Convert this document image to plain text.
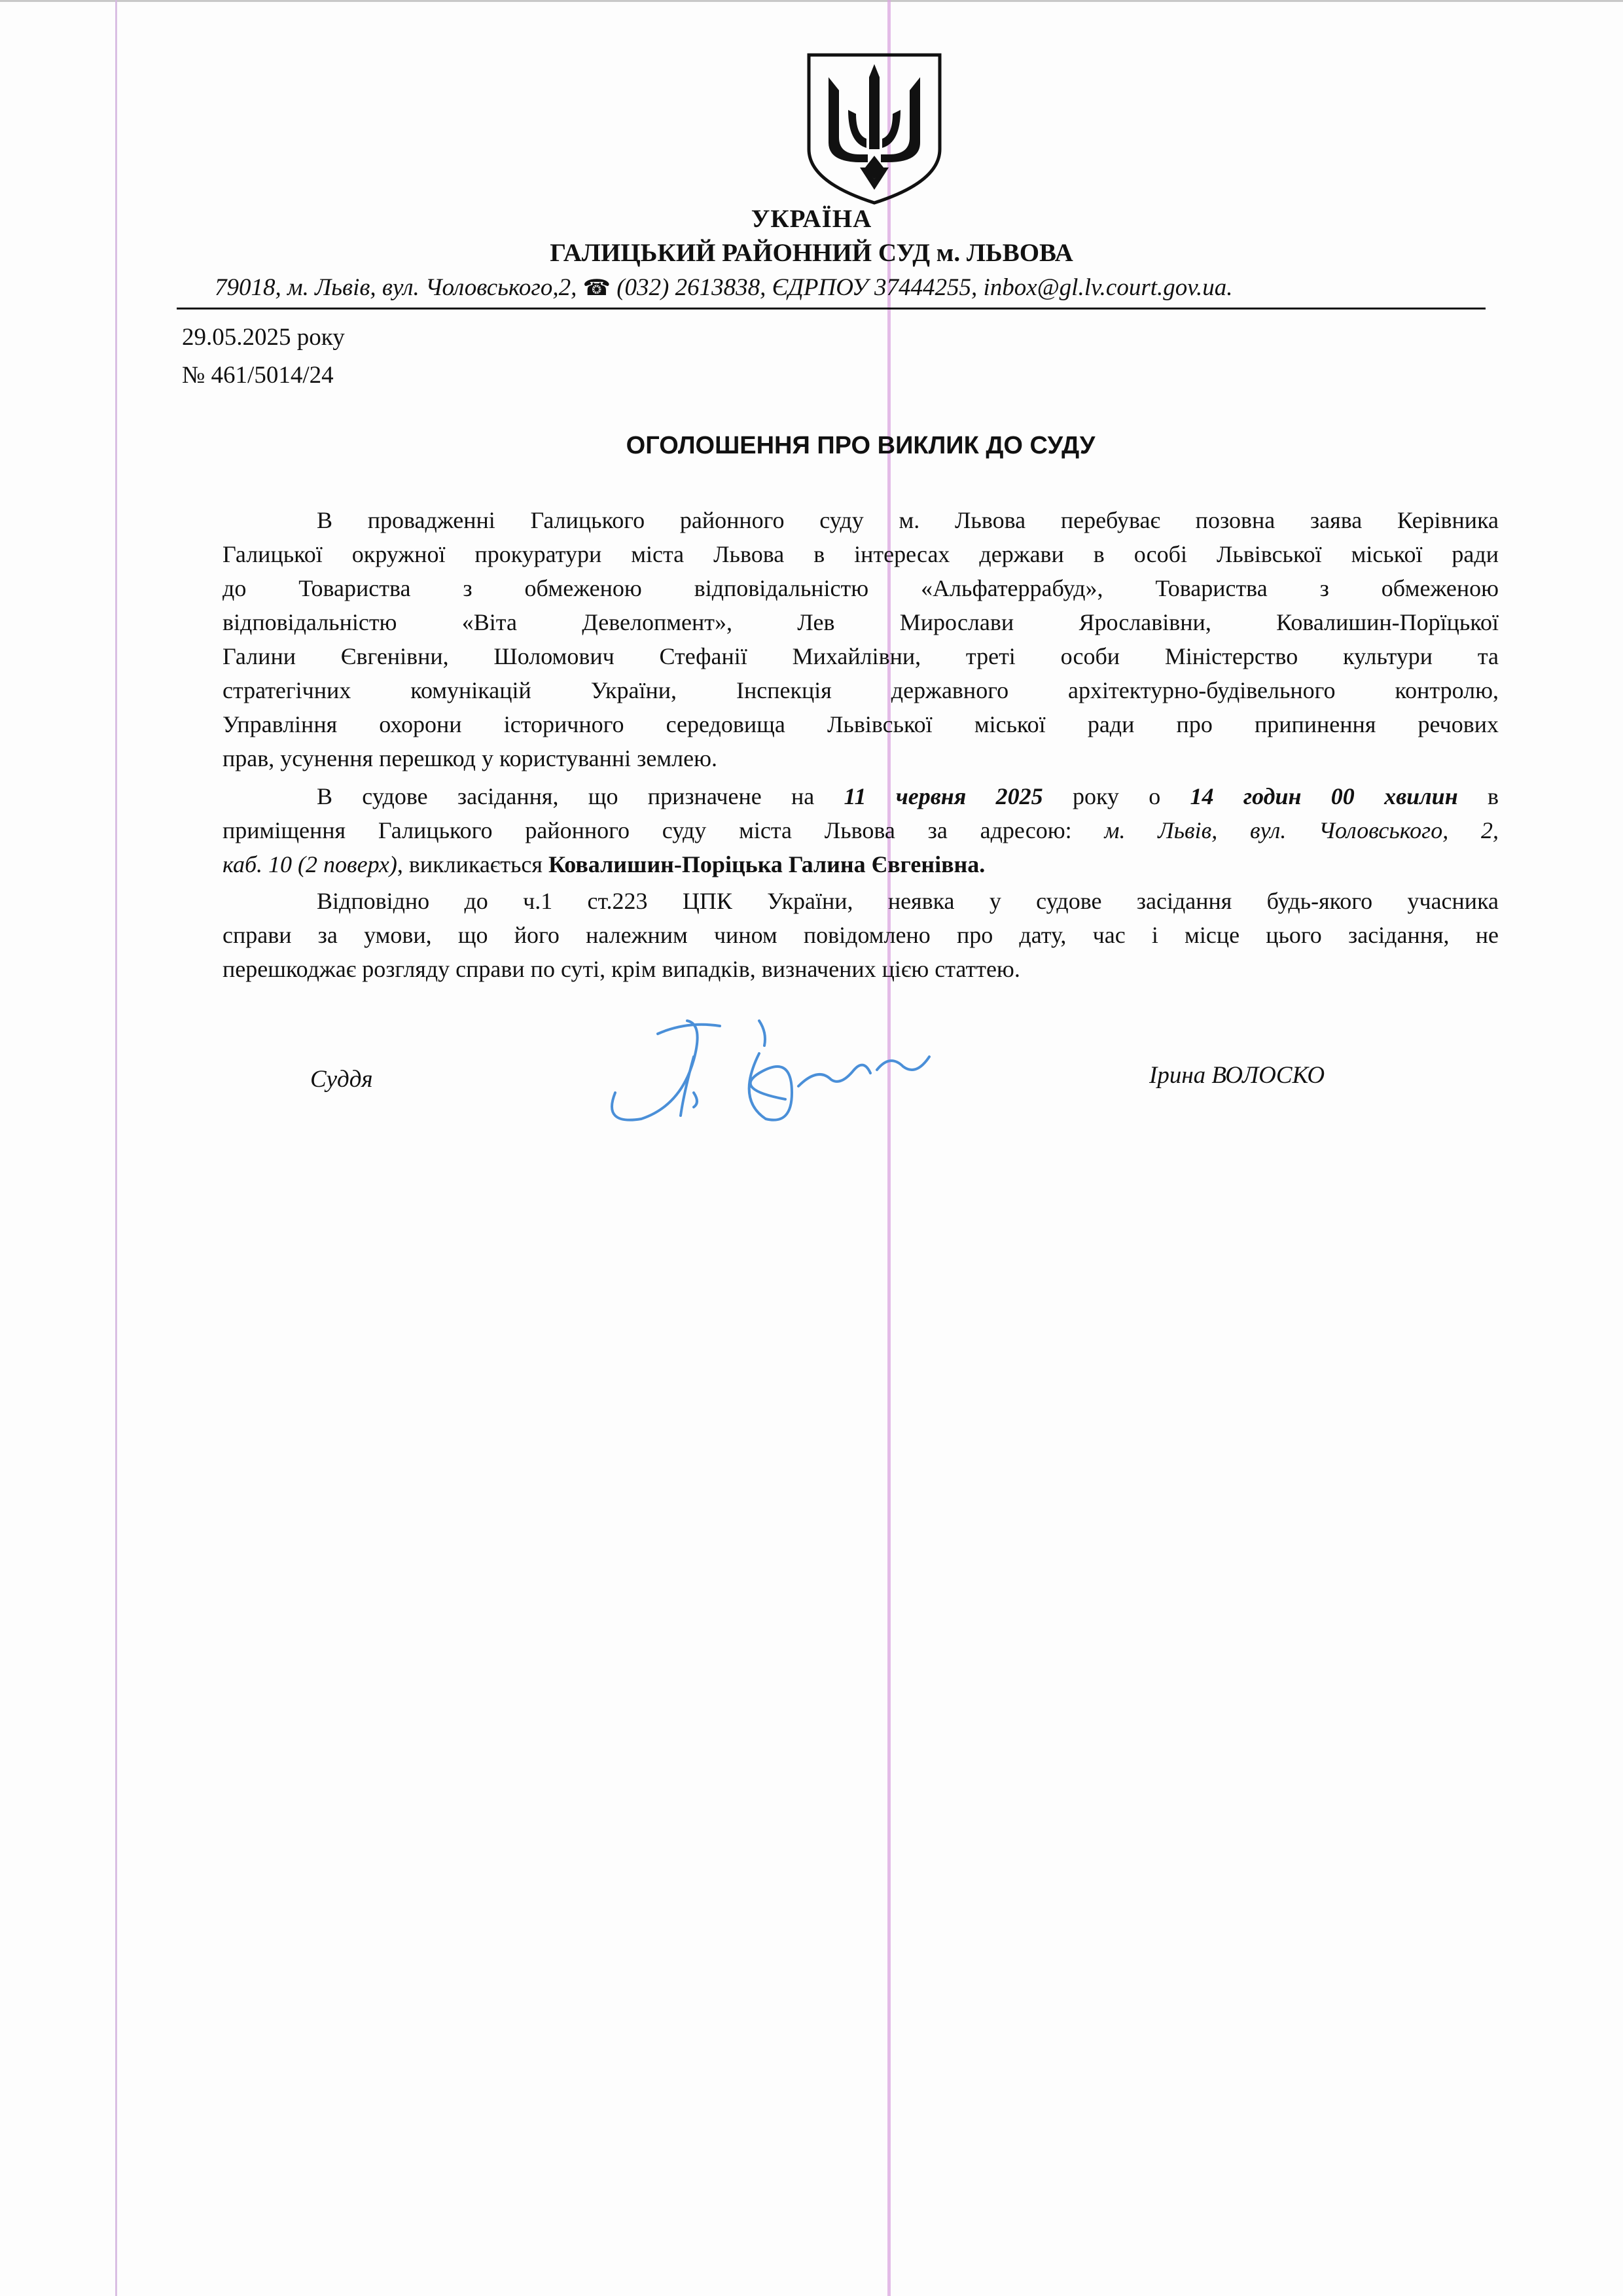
УКРАЇНА
ГАЛИЦЬКИЙ РАЙОННИЙ СУД м. ЛЬВОВА
79018, м. Львів, вул. Чоловського,2, ☎ (032) 2613838, ЄДРПОУ 37444255, inbox@gl.lv.court.gov.ua.
29.05.2025 року
№ 461/5014/24
ОГОЛОШЕННЯ ПРО ВИКЛИК ДО СУДУ
В провадженні Галицького районного суду м. Львова перебуває позовна заява Керівника
Галицької окружної прокуратури міста Львова в інтересах держави в особі Львівської міської ради
до Товариства з обмеженою відповідальністю «Альфатеррабуд», Товариства з обмеженою
відповідальністю «Віта Девелопмент», Лев Мирослави Ярославівни, Ковалишин-Порїцької
Галини Євгенівни, Шоломович Стефанії Михайлівни, треті особи Міністерство культури та
стратегічних комунікацій України, Інспекція державного архітектурно-будівельного контролю,
Управління охорони історичного середовища Львівської міської ради про припинення речових
прав, усунення перешкод у користуванні землею.
В судове засідання, що призначене на 11 червня 2025 року о 14 годин 00 хвилин в
приміщення Галицького районного суду міста Львова за адресою: м. Львів, вул. Чоловського, 2,
каб. 10 (2 поверх), викликається Ковалишин-Поріцька Галина Євгенівна.
Відповідно до ч.1 ст.223 ЦПК України, неявка у судове засідання будь-якого учасника
справи за умови, що його належним чином повідомлено про дату, час і місце цього засідання, не
перешкоджає розгляду справи по суті, крім випадків, визначених цією статтею.
Суддя	Ірина ВОЛОСКО
